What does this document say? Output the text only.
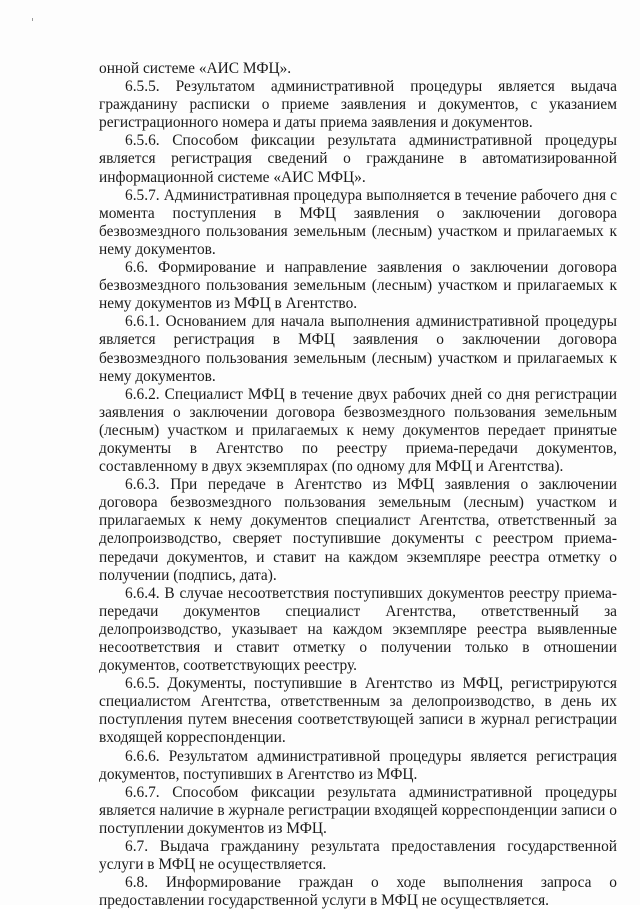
онной системе «АИС МФЦ».

6.5.5. Результатом административной процедуры является выдача гражданину расписки о приеме заявления и документов, с указанием регистрационного номера и даты приема заявления и документов.

6.5.6. Способом фиксации результата административной процедуры является регистрация сведений о гражданине в автоматизированной информационной системе «АИС МФЦ».

6.5.7. Административная процедура выполняется в течение рабочего дня с момента поступления в МФЦ заявления о заключении договора безвозмездного пользования земельным (лесным) участком и прилагаемых к нему документов.

6.6. Формирование и направление заявления о заключении договора безвозмездного пользования земельным (лесным) участком и прилагаемых к нему документов из МФЦ в Агентство.

6.6.1. Основанием для начала выполнения административной процедуры является регистрация в МФЦ заявления о заключении договора безвозмездного пользования земельным (лесным) участком и прилагаемых к нему документов.

6.6.2. Специалист МФЦ в течение двух рабочих дней со дня регистрации заявления о заключении договора безвозмездного пользования земельным (лесным) участком и прилагаемых к нему документов передает принятые документы в Агентство по реестру приема-передачи документов, составленному в двух экземплярах (по одному для МФЦ и Агентства).

6.6.3. При передаче в Агентство из МФЦ заявления о заключении договора безвозмездного пользования земельным (лесным) участком и прилагаемых к нему документов специалист Агентства, ответственный за делопроизводство, сверяет поступившие документы с реестром приема-передачи документов, и ставит на каждом экземпляре реестра отметку о получении (подпись, дата).

6.6.4. В случае несоответствия поступивших документов реестру приема-передачи документов специалист Агентства, ответственный за делопроизводство, указывает на каждом экземпляре реестра выявленные несоответствия и ставит отметку о получении только в отношении документов, соответствующих реестру.

6.6.5. Документы, поступившие в Агентство из МФЦ, регистрируются специалистом Агентства, ответственным за делопроизводство, в день их поступления путем внесения соответствующей записи в журнал регистрации входящей корреспонденции.

6.6.6. Результатом административной процедуры является регистрация документов, поступивших в Агентство из МФЦ.

6.6.7. Способом фиксации результата административной процедуры является наличие в журнале регистрации входящей корреспонденции записи о поступлении документов из МФЦ.

6.7. Выдача гражданину результата предоставления государственной услуги в МФЦ не осуществляется.

6.8. Информирование граждан о ходе выполнения запроса о предоставлении государственной услуги в МФЦ не осуществляется.
